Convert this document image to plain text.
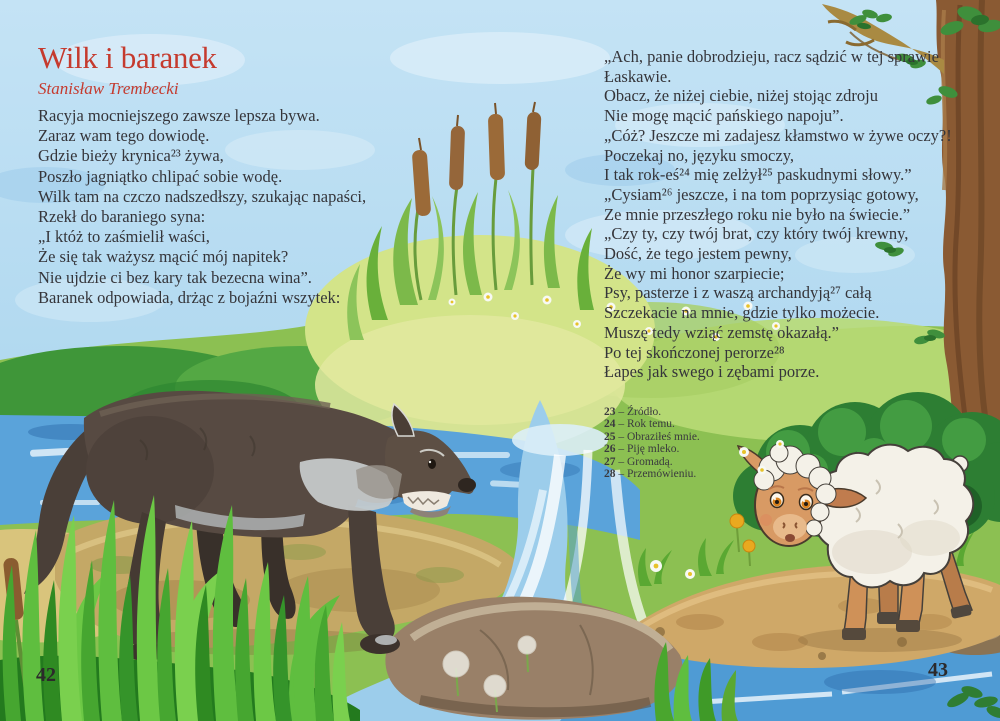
Wilk i baranek
Stanisław Trembecki
Racyja mocniejszego zawsze lepsza bywa.
Zaraz wam tego dowiodę.
Gdzie bieży krynica²³ żywa,
Poszło jagniątko chlipać sobie wodę.
Wilk tam na czczo nadszedłszy, szukając napaści,
Rzekł do baraniego syna:
„I któż to zaśmielił waści,
Że się tak ważysz mącić mój napitek?
Nie ujdzie ci bez kary tak bezecna wina”.
Baranek odpowiada, drżąc z bojaźni wszytek:
„Ach, panie dobrodzieju, racz sądzić w tej sprawie
Łaskawie.
Obacz, że niżej ciebie, niżej stojąc zdroju
Nie mogę mącić pańskiego napoju”.
„Cóż? Jeszcze mi zadajesz kłamstwo w żywe oczy?!
Poczekaj no, języku smoczy,
I tak rok-eś²⁴ mię zelżył²⁵ paskudnymi słowy.”
„Cysiam²⁶ jeszcze, i na tom poprzysiąc gotowy,
Ze mnie przeszłego roku nie było na świecie.”
„Czy ty, czy twój brat, czy który twój krewny,
Dość, że tego jestem pewny,
Że wy mi honor szarpiecie;
Psy, pasterze i z waszą archandyją²⁷ całą
Szczekacie na mnie, gdzie tylko możecie.
Muszę tedy wziąć zemstę okazałą.”
Po tej skończonej perorze²⁸
Łapes jak swego i zębami porze.
23 – Źródło.
24 – Rok temu.
25 – Obraziłeś mnie.
26 – Piję mleko.
27 – Gromadą.
28 – Przemówieniu.
42	43
